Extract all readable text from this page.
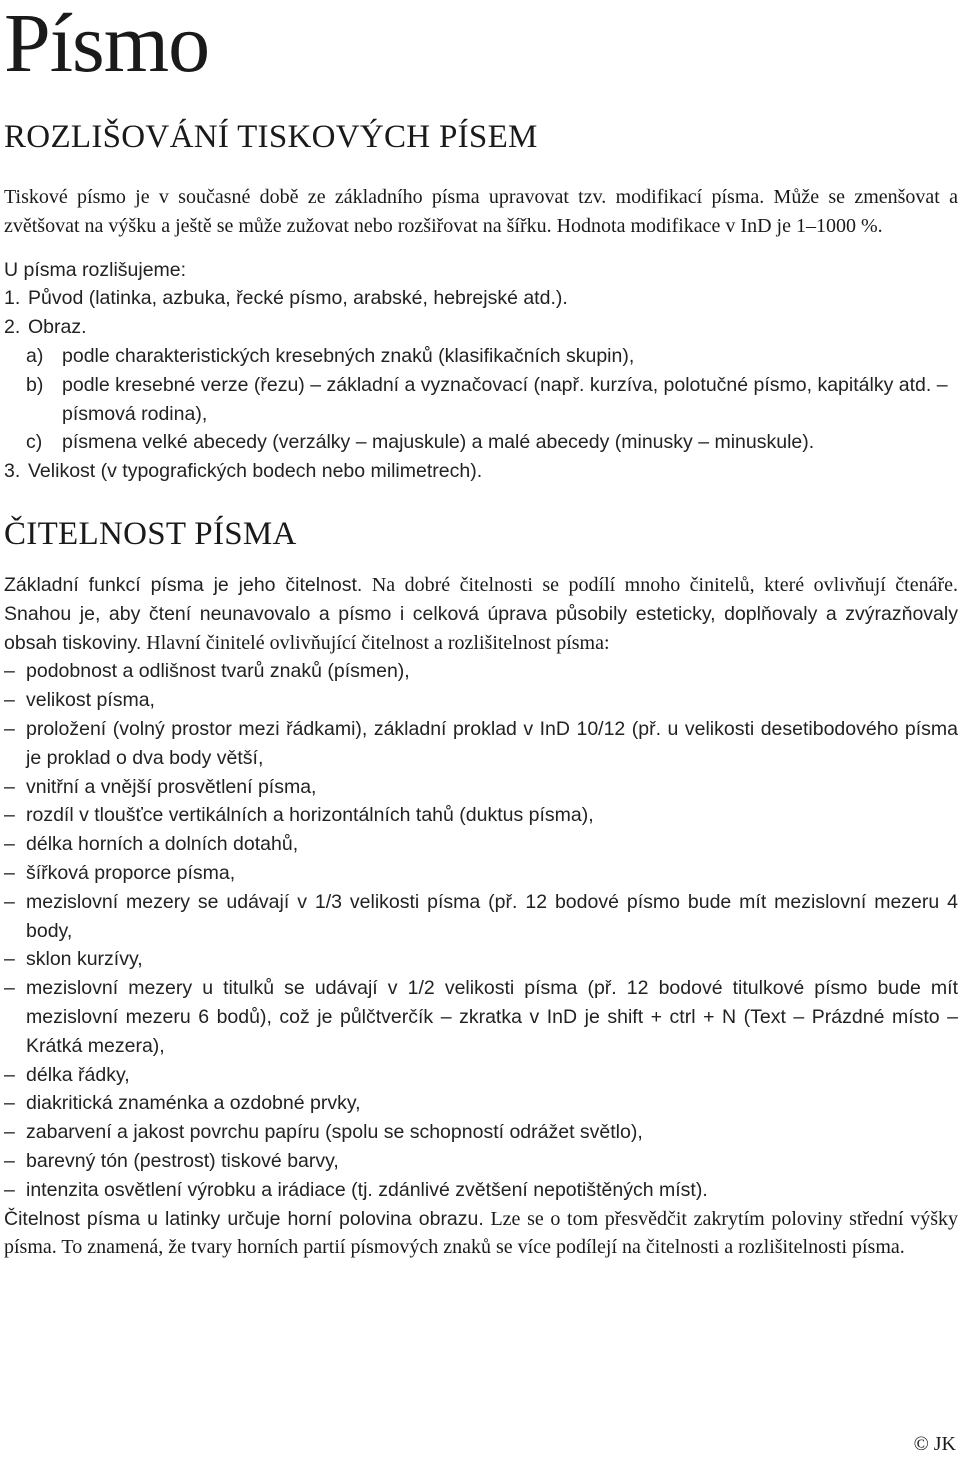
Písmo
ROZLIŠOVÁNÍ TISKOVÝCH PÍSEM
Tiskové písmo je v současné době ze základního písma upravovat tzv. modifikací písma. Může se zmenšovat a zvětšovat na výšku a ještě se může zužovat nebo rozšiřovat na šířku. Hodnota modifikace v InD je 1–1000 %.
U písma rozlišujeme:
1. Původ (latinka, azbuka, řecké písmo, arabské, hebrejské atd.).
2. Obraz.
a) podle charakteristických kresebných znaků (klasifikačních skupin),
b) podle kresebné verze (řezu) – základní a vyznačovací (např. kurzíva, polotučné písmo, kapitálky atd. – písmová rodina),
c)	písmena velké abecedy (verzálky – majuskule) a malé abecedy (minusky – minuskule).
3. Velikost (v typografických bodech nebo milimetrech).
ČITELNOST PÍSMA
Základní funkcí písma je jeho čitelnost. Na dobré čitelnosti se podílí mnoho činitelů, které ovlivňují čtenáře. Snahou je, aby čtení neunavovalo a písmo i celková úprava působily esteticky, doplňovaly a zvýrazňovaly obsah tiskoviny. Hlavní činitelé ovlivňující čitelnost a rozlišitelnost písma:
– podobnost a odlišnost tvarů znaků (písmen),
– velikost písma,
– proložení (volný prostor mezi řádkami), základní proklad v InD 10/12 (př. u velikosti desetibodového písma je proklad o dva body větší,
– vnitřní a vnější prosvětlení písma,
– rozdíl v tloušťce vertikálních a horizontálních tahů (duktus písma),
– délka horních a dolních dotahů,
– šířková proporce písma,
– mezislovní mezery se udávají v 1/3 velikosti písma (př. 12 bodové písmo bude mít mezislovní mezeru 4 body,
– sklon kurzívy,
– mezislovní mezery u titulků se udávají v 1/2 velikosti písma (př. 12 bodové titulkové písmo bude mít mezislovní mezeru 6 bodů), což je půlčtverčík – zkratka v InD je shift + ctrl + N (Text – Prázdné místo – Krátká mezera),
– délka řádky,
– diakritická znaménka a ozdobné prvky,
– zabarvení a jakost povrchu papíru (spolu se schopností odrážet světlo),
– barevný tón (pestrost) tiskové barvy,
– intenzita osvětlení výrobku a irádiace (tj. zdánlivé zvětšení nepotištěných míst).
Čitelnost písma u latinky určuje horní polovina obrazu. Lze se o tom přesvědčit zakrytím poloviny střední výšky písma. To znamená, že tvary horních partií písmových znaků se více podílejí na čitelnosti a rozlišitelnosti písma.
© JK
